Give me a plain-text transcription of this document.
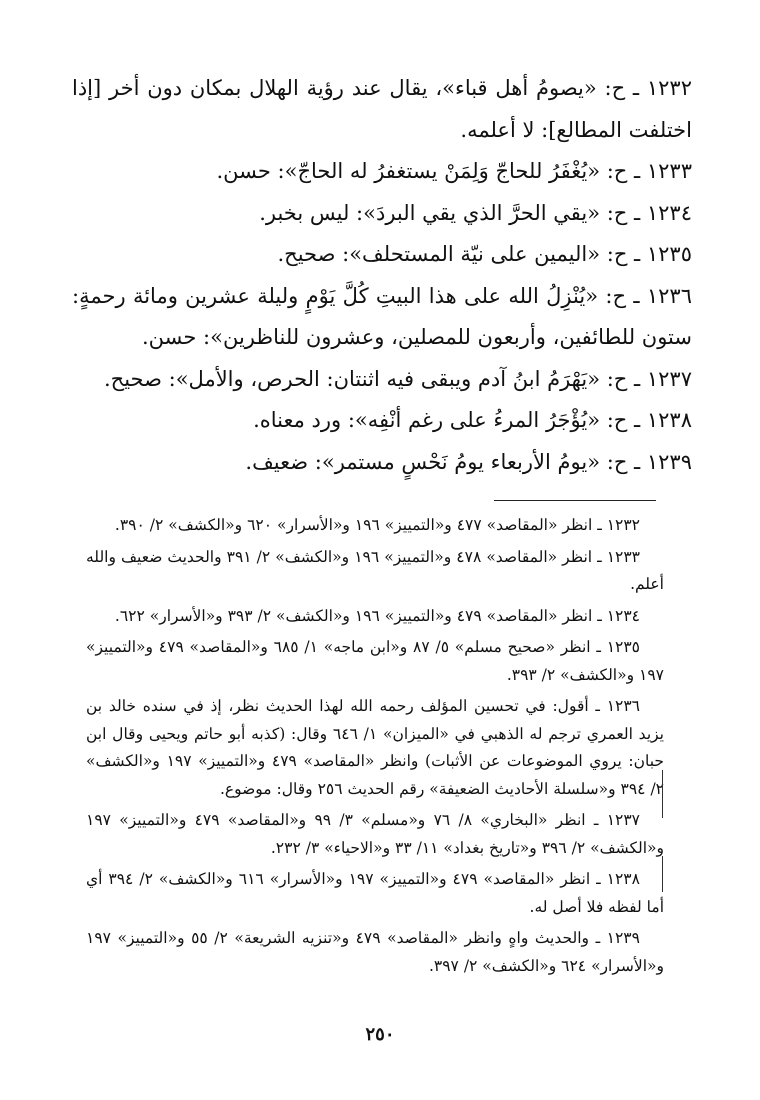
١٢٣٢ ـ ح: «يصومُ أهل قباء»، يقال عند رؤية الهلال بمكان دون أخر [إذا اختلفت المطالع]: لا أعلمه.

١٢٣٣ ـ ح: «يُغْفَرُ للحاجّ وَلِمَنْ يستغفرُ له الحاجّ»: حسن.

١٢٣٤ ـ ح: «يقي الحرَّ الذي يقي البردَ»: ليس بخبر.

١٢٣٥ ـ ح: «اليمين على نيّة المستحلف»: صحيح.

١٢٣٦ ـ ح: «يُنْزِلُ الله على هذا البيتِ كُلَّ يَوْمٍ وليلة عشرين ومائة رحمةٍ: ستون للطائفين، وأربعون للمصلين، وعشرون للناظرين»: حسن.

١٢٣٧ ـ ح: «يَهْرَمُ ابنُ آدم ويبقى فيه اثنتان: الحرص، والأمل»: صحيح.

١٢٣٨ ـ ح: «يُؤْجَرُ المرءُ على رغم أنْفِه»: ورد معناه.

١٢٣٩ ـ ح: «يومُ الأربعاء يومُ نَحْسٍ مستمر»: ضعيف.

١٢٣٢ ـ انظر «المقاصد» ٤٧٧ و«التمييز» ١٩٦ و«الأسرار» ٦٢٠ و«الكشف» ٢/ ٣٩٠.

١٢٣٣ ـ انظر «المقاصد» ٤٧٨ و«التمييز» ١٩٦ و«الكشف» ٢/ ٣٩١ والحديث ضعيف والله أعلم.

١٢٣٤ ـ انظر «المقاصد» ٤٧٩ و«التمييز» ١٩٦ و«الكشف» ٢/ ٣٩٣ و«الأسرار» ٦٢٢.

١٢٣٥ ـ انظر «صحيح مسلم» ٥/ ٨٧ و«ابن ماجه» ١/ ٦٨٥ و«المقاصد» ٤٧٩ و«التمييز» ١٩٧ و«الكشف» ٢/ ٣٩٣.

١٢٣٦ ـ أقول: في تحسين المؤلف رحمه الله لهذا الحديث نظر، إذ في سنده خالد بن يزيد العمري ترجم له الذهبي في «الميزان» ١/ ٦٤٦ وقال: (كذبه أبو حاتم ويحيى وقال ابن حبان: يروي الموضوعات عن الأثبات) وانظر «المقاصد» ٤٧٩ و«التمييز» ١٩٧ و«الكشف» ٢/ ٣٩٤ و«سلسلة الأحاديث الضعيفة» رقم الحديث ٢٥٦ وقال: موضوع.

١٢٣٧ ـ انظر «البخاري» ٨/ ٧٦ و«مسلم» ٣/ ٩٩ و«المقاصد» ٤٧٩ و«التمييز» ١٩٧ و«الكشف» ٢/ ٣٩٦ و«تاريخ بغداد» ١١/ ٣٣ و«الاحياء» ٣/ ٢٣٢.

١٢٣٨ ـ انظر «المقاصد» ٤٧٩ و«التمييز» ١٩٧ و«الأسرار» ٦١٦ و«الكشف» ٢/ ٣٩٤ أي أما لفظه فلا أصل له.

١٢٣٩ ـ والحديث واهٍ وانظر «المقاصد» ٤٧٩ و«تنزيه الشريعة» ٢/ ٥٥ و«التمييز» ١٩٧ و«الأسرار» ٦٢٤ و«الكشف» ٢/ ٣٩٧.

٢٥٠
